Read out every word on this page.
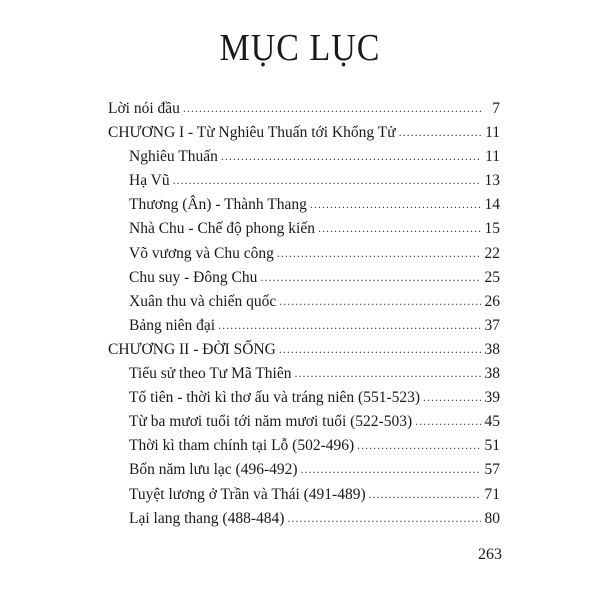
MỤC LỤC
Lời nói đầu .....	7
CHƯƠNG I - Từ Nghiêu Thuấn tới Khổng Tử .....	11
Nghiêu Thuấn .....	11
Hạ Vũ .....	13
Thương (Ân) - Thành Thang .....	14
Nhà Chu - Chế độ phong kiến .....	15
Võ vương và Chu công .....	22
Chu suy - Đông Chu .....	25
Xuân thu và chiến quốc .....	26
Bảng niên đại .....	37
CHƯƠNG II - ĐỜI SỐNG .....	38
Tiểu sử theo Tư Mã Thiên .....	38
Tổ tiên - thời kì thơ ấu và tráng niên (551-523) .....	39
Từ ba mươi tuổi tới năm mươi tuổi (522-503) .....	45
Thời kì tham chính tại Lỗ (502-496) .....	51
Bốn năm lưu lạc (496-492) .....	57
Tuyệt lương ở Trần và Thái (491-489) .....	71
Lại lang thang (488-484) .....	80
263
